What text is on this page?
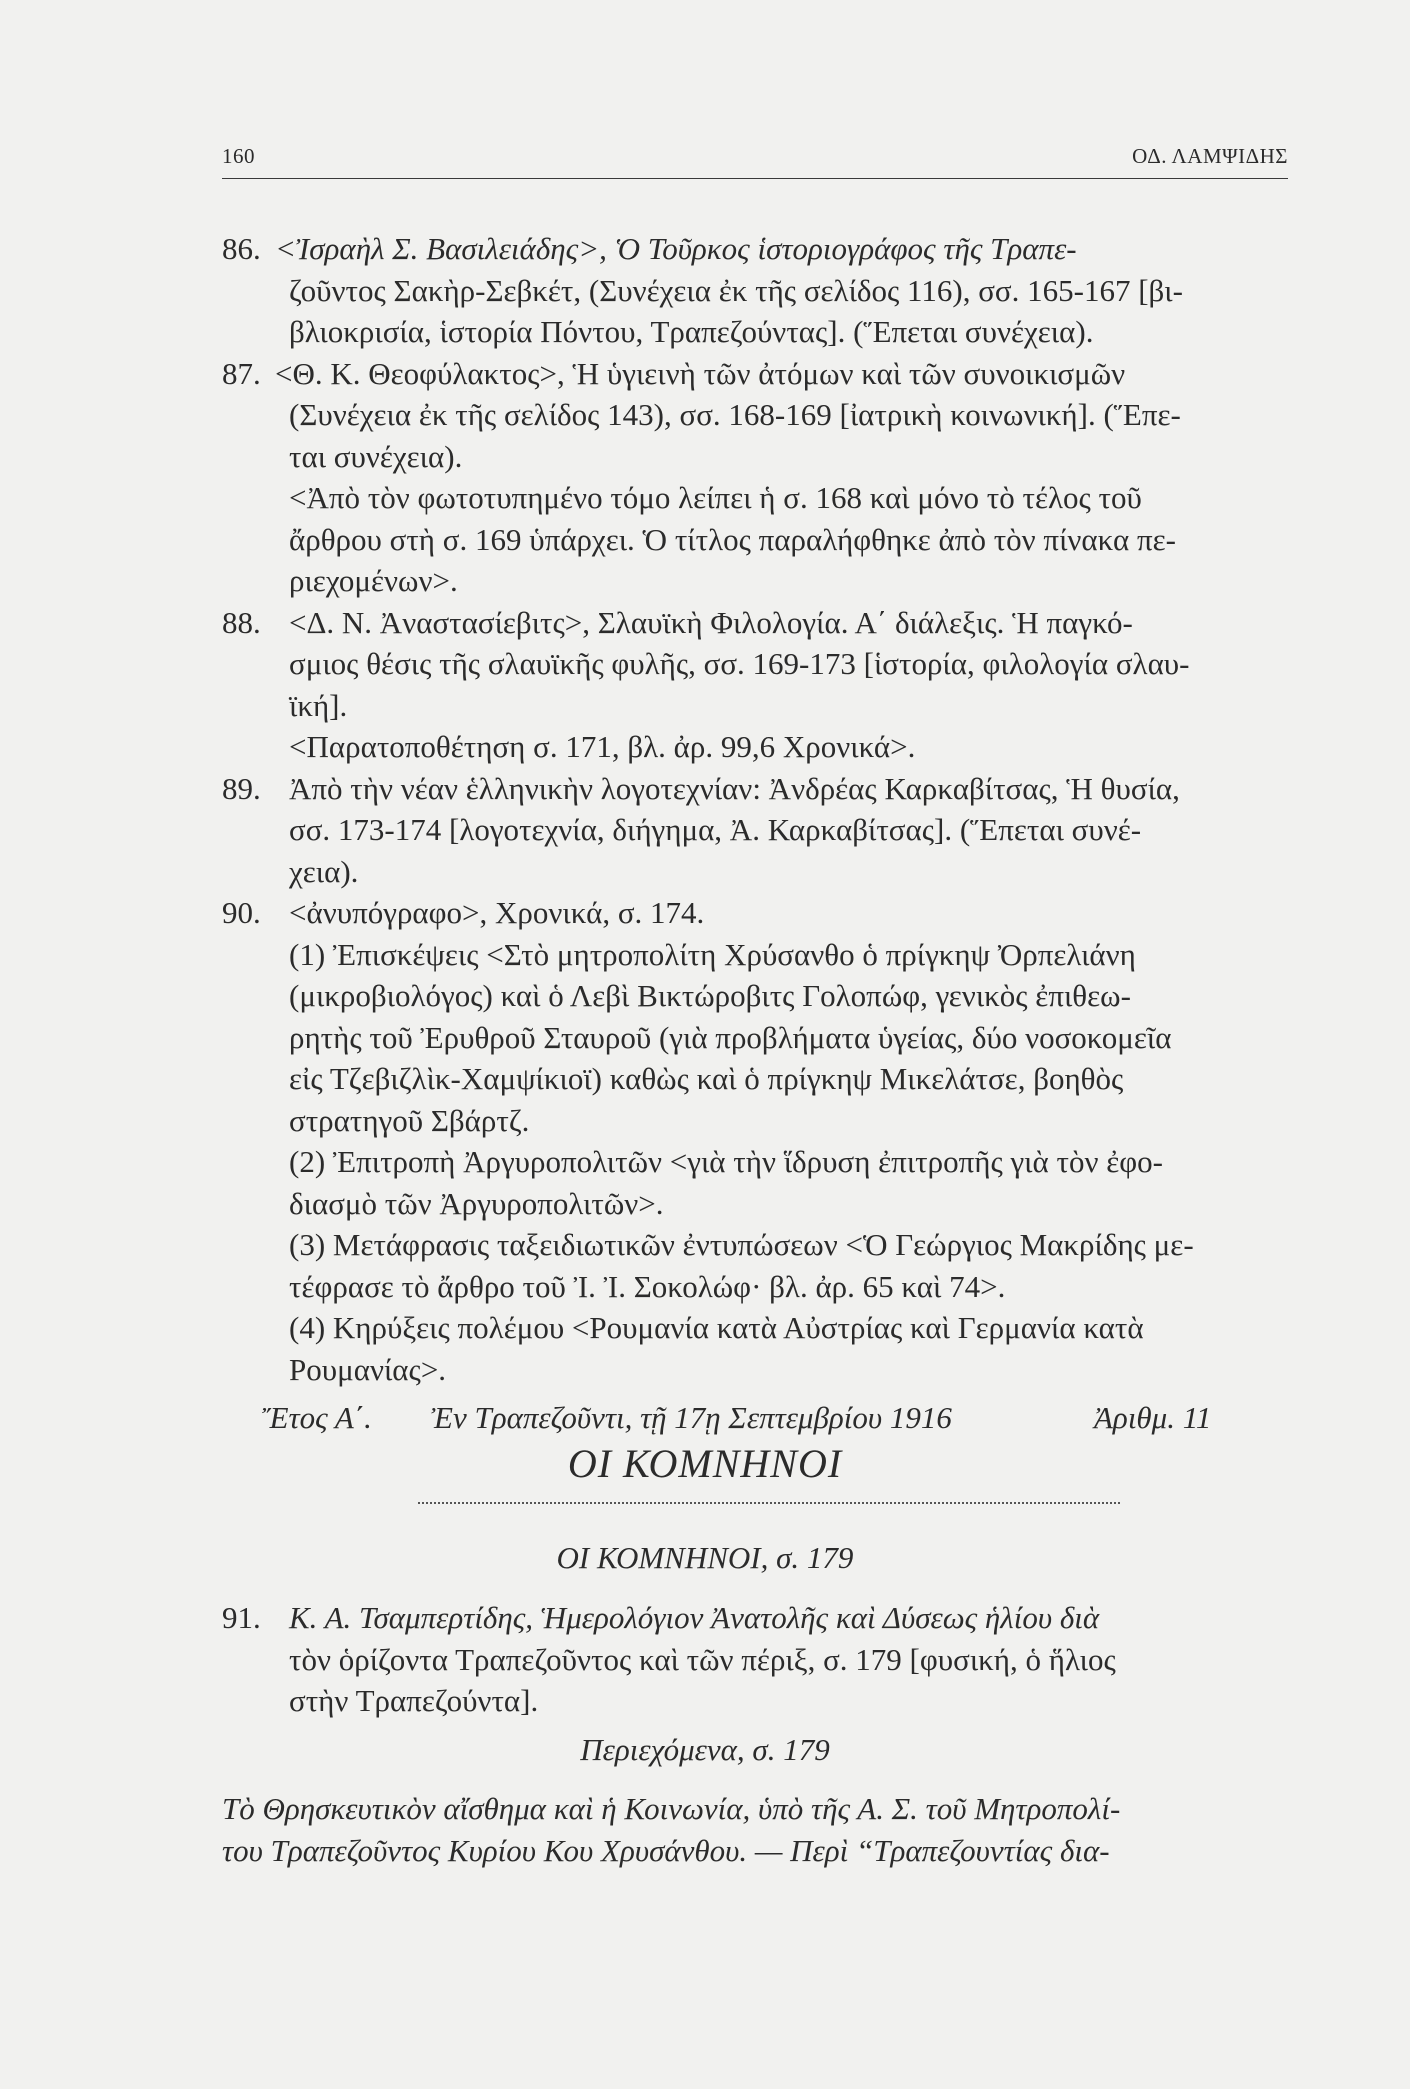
160	ΟΔ. ΛΑΜΨΙΔΗΣ
86. <Ἰσραὴλ Σ. Βασιλειάδης>, Ὁ Τοῦρκος ἱστοριογράφος τῆς Τραπε-
ζοῦντος Σακὴρ-Σεβκέτ, (Συνέχεια ἐκ τῆς σελίδος 116), σσ. 165-167 [βι-
βλιοκρισία, ἱστορία Πόντου, Τραπεζούντας]. (Ἕπεται συνέχεια).
87. <Θ. Κ. Θεοφύλακτος>, Ἡ ὑγιεινὴ τῶν ἀτόμων καὶ τῶν συνοικισμῶν
(Συνέχεια ἐκ τῆς σελίδος 143), σσ. 168-169 [ἰατρικὴ κοινωνική]. (Ἕπε-
ται συνέχεια).
<Ἀπὸ τὸν φωτοτυπημένο τόμο λείπει ἡ σ. 168 καὶ μόνο τὸ τέλος τοῦ
ἄρθρου στὴ σ. 169 ὑπάρχει. Ὁ τίτλος παραλήφθηκε ἀπὸ τὸν πίνακα πε-
ριεχομένων>.
88. <Δ. Ν. Ἀναστασίεβιτς>, Σλαυϊκὴ Φιλολογία. Α΄ διάλεξις. Ἡ παγκό-
σμιος θέσις τῆς σλαυϊκῆς φυλῆς, σσ. 169-173 [ἱστορία, φιλολογία σλαυ-
ϊκή].
<Παρατοποθέτηση σ. 171, βλ. ἀρ. 99,6 Χρονικά>.
89. Ἀπὸ τὴν νέαν ἑλληνικὴν λογοτεχνίαν: Ἀνδρέας Καρκαβίτσας, Ἡ θυσία,
σσ. 173-174 [λογοτεχνία, διήγημα, Ἀ. Καρκαβίτσας]. (Ἕπεται συνέ-
χεια).
90. <ἀνυπόγραφο>, Χρονικά, σ. 174.
(1) Ἐπισκέψεις <Στὸ μητροπολίτη Χρύσανθο ὁ πρίγκηψ Ὀρπελιάνη
(μικροβιολόγος) καὶ ὁ Λεβὶ Βικτώροβιτς Γολοπώφ, γενικὸς ἐπιθεω-
ρητὴς τοῦ Ἐρυθροῦ Σταυροῦ (γιὰ προβλήματα ὑγείας, δύο νοσοκομεῖα
εἰς Τζεβιζλὶκ-Χαμψίκιοϊ) καθὼς καὶ ὁ πρίγκηψ Μικελάτσε, βοηθὸς
στρατηγοῦ Σβάρτζ.
(2) Ἐπιτροπὴ Ἀργυροπολιτῶν <γιὰ τὴν ἵδρυση ἐπιτροπῆς γιὰ τὸν ἐφο-
διασμὸ τῶν Ἀργυροπολιτῶν>.
(3) Μετάφρασις ταξειδιωτικῶν ἐντυπώσεων <Ὁ Γεώργιος Μακρίδης με-
τέφρασε τὸ ἄρθρο τοῦ Ἰ. Ἰ. Σοκολώφ· βλ. ἀρ. 65 καὶ 74>.
(4) Κηρύξεις πολέμου <Ρουμανία κατὰ Αὐστρίας καὶ Γερμανία κατὰ
Ρουμανίας>.
Ἔτος Α΄. Ἐν Τραπεζοῦντι, τῇ 17ῃ Σεπτεμβρίου 1916	Ἀριθμ. 11
ΟΙ ΚΟΜΝΗΝΟΙ
ΟΙ ΚΟΜΝΗΝΟΙ, σ. 179
91. Κ. Α. Τσαμπερτίδης, Ἡμερολόγιον Ἀνατολῆς καὶ Δύσεως ἡλίου διὰ
τὸν ὁρίζοντα Τραπεζοῦντος καὶ τῶν πέριξ, σ. 179 [φυσική, ὁ ἥλιος
στὴν Τραπεζούντα].
Περιεχόμενα, σ. 179
Τὸ Θρησκευτικὸν αἴσθημα καὶ ἡ Κοινωνία, ὑπὸ τῆς Α. Σ. τοῦ Μητροπολί-
του Τραπεζοῦντος Κυρίου Κου Χρυσάνθου. — Περὶ “Τραπεζουντίας δια-
